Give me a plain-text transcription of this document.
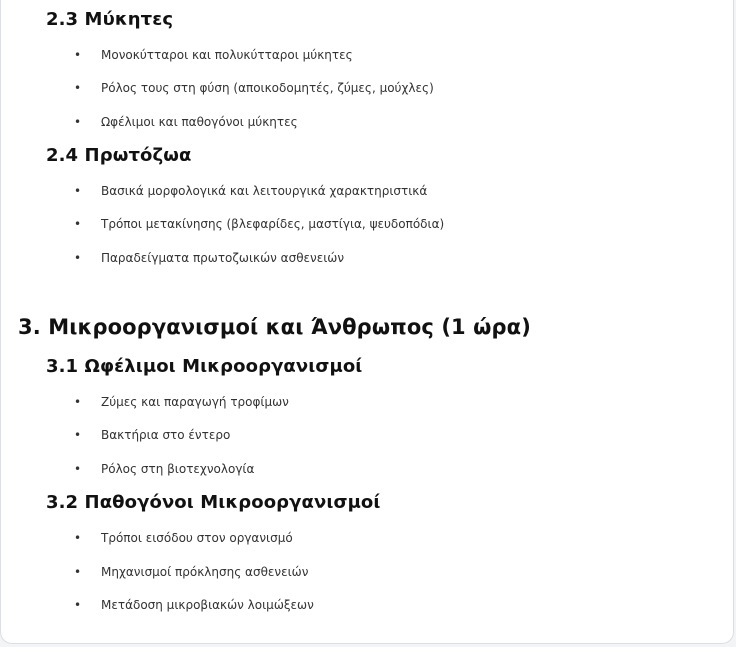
2.3 Μύκητες
• Μονοκύτταροι και πολυκύτταροι μύκητες
• Ρόλος τους στη φύση (αποικοδομητές, ζύμες, μούχλες)
• Ωφέλιμοι και παθογόνοι μύκητες
2.4 Πρωτόζωα
• Βασικά μορφολογικά και λειτουργικά χαρακτηριστικά
• Τρόποι μετακίνησης (βλεφαρίδες, μαστίγια, ψευδοπόδια)
• Παραδείγματα πρωτοζωικών ασθενειών
3. Μικροοργανισμοί και Άνθρωπος (1 ώρα)
3.1 Ωφέλιμοι Μικροοργανισμοί
• Ζύμες και παραγωγή τροφίμων
• Βακτήρια στο έντερο
• Ρόλος στη βιοτεχνολογία
3.2 Παθογόνοι Μικροοργανισμοί
• Τρόποι εισόδου στον οργανισμό
• Μηχανισμοί πρόκλησης ασθενειών
• Μετάδοση μικροβιακών λοιμώξεων
